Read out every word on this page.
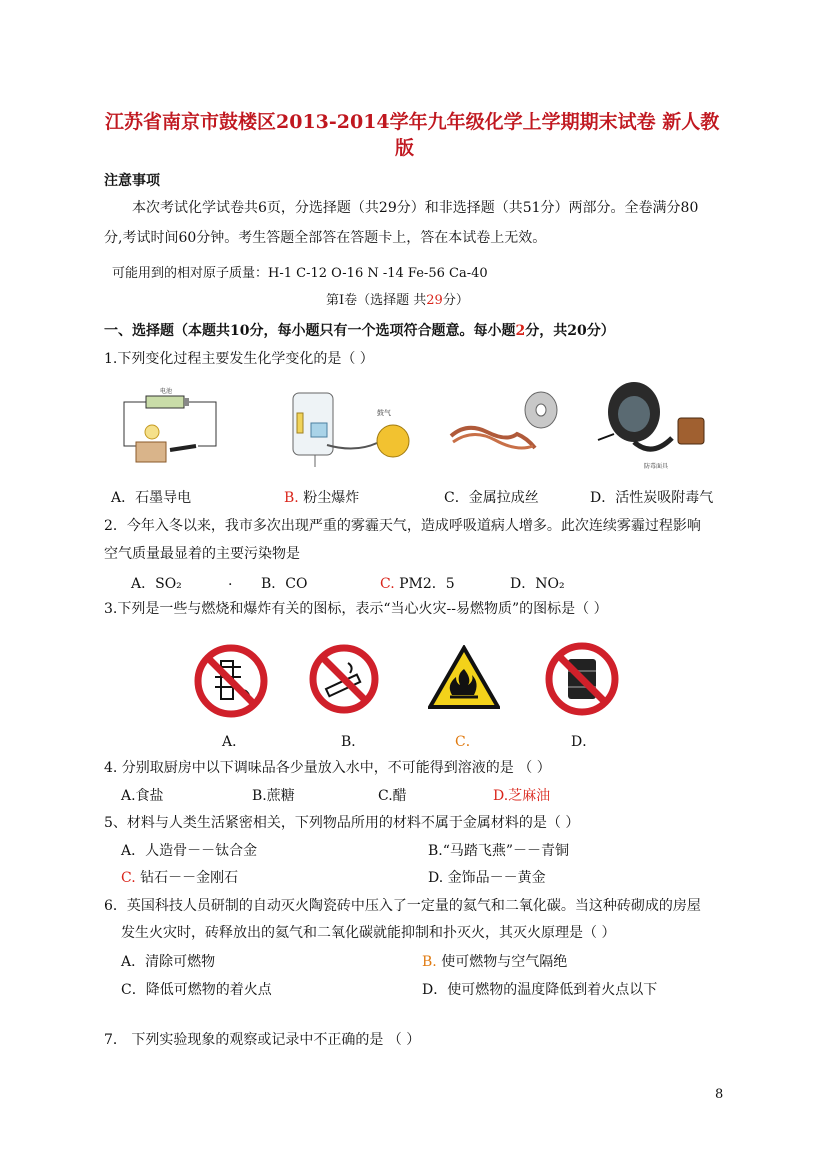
江苏省南京市鼓楼区2013-2014学年九年级化学上学期期末试卷 新人教
版
注意事项
本次考试化学试卷共6页，分选择题（共29分）和非选择题（共51分）两部分。全卷满分80
分,考试时间60分钟。考生答题全部答在答题卡上，答在本试卷上无效。
可能用到的相对原子质量：H-1 C-12 O-16 N -14 Fe-56 Ca-40
第Ⅰ卷（选择题 共29分）
一、选择题（本题共10分，每小题只有一个选项符合题意。每小题2分，共20分）
1.下列变化过程主要发生化学变化的是（ ）
电池
鼓气
防毒面具
A．石墨导电	B. 粉尘爆炸	C．金属拉成丝	D．活性炭吸附毒气
2．今年入冬以来，我市多次出现严重的雾霾天气，造成呼吸道病人增多。此次连续雾霾过程影响
空气质量最显着的主要污染物是
A．SO₂	. B．CO	C. PM2．5	D．NO₂
3.下列是一些与燃烧和爆炸有关的图标，表示“当心火灾--易燃物质”的图标是（ ）
A．	B．	C．	D．
4. 分别取厨房中以下调味品各少量放入水中，不可能得到溶液的是 （ ）
A.食盐	B.蔗糖	C.醋	D.芝麻油
5、材料与人类生活紧密相关，下列物品所用的材料不属于金属材料的是（ ）
A．人造骨－－钛合金	B.“马踏飞燕”－－青铜
C. 钻石－－金刚石	D. 金饰品－－黄金
6．英国科技人员研制的自动灭火陶瓷砖中压入了一定量的氦气和二氧化碳。当这种砖砌成的房屋
发生火灾时，砖释放出的氦气和二氧化碳就能抑制和扑灭火，其灭火原理是（ ）
A．清除可燃物	B. 使可燃物与空气隔绝
C．降低可燃物的着火点	D．使可燃物的温度降低到着火点以下
7． 下列实验现象的观察或记录中不正确的是 （ ）
8
